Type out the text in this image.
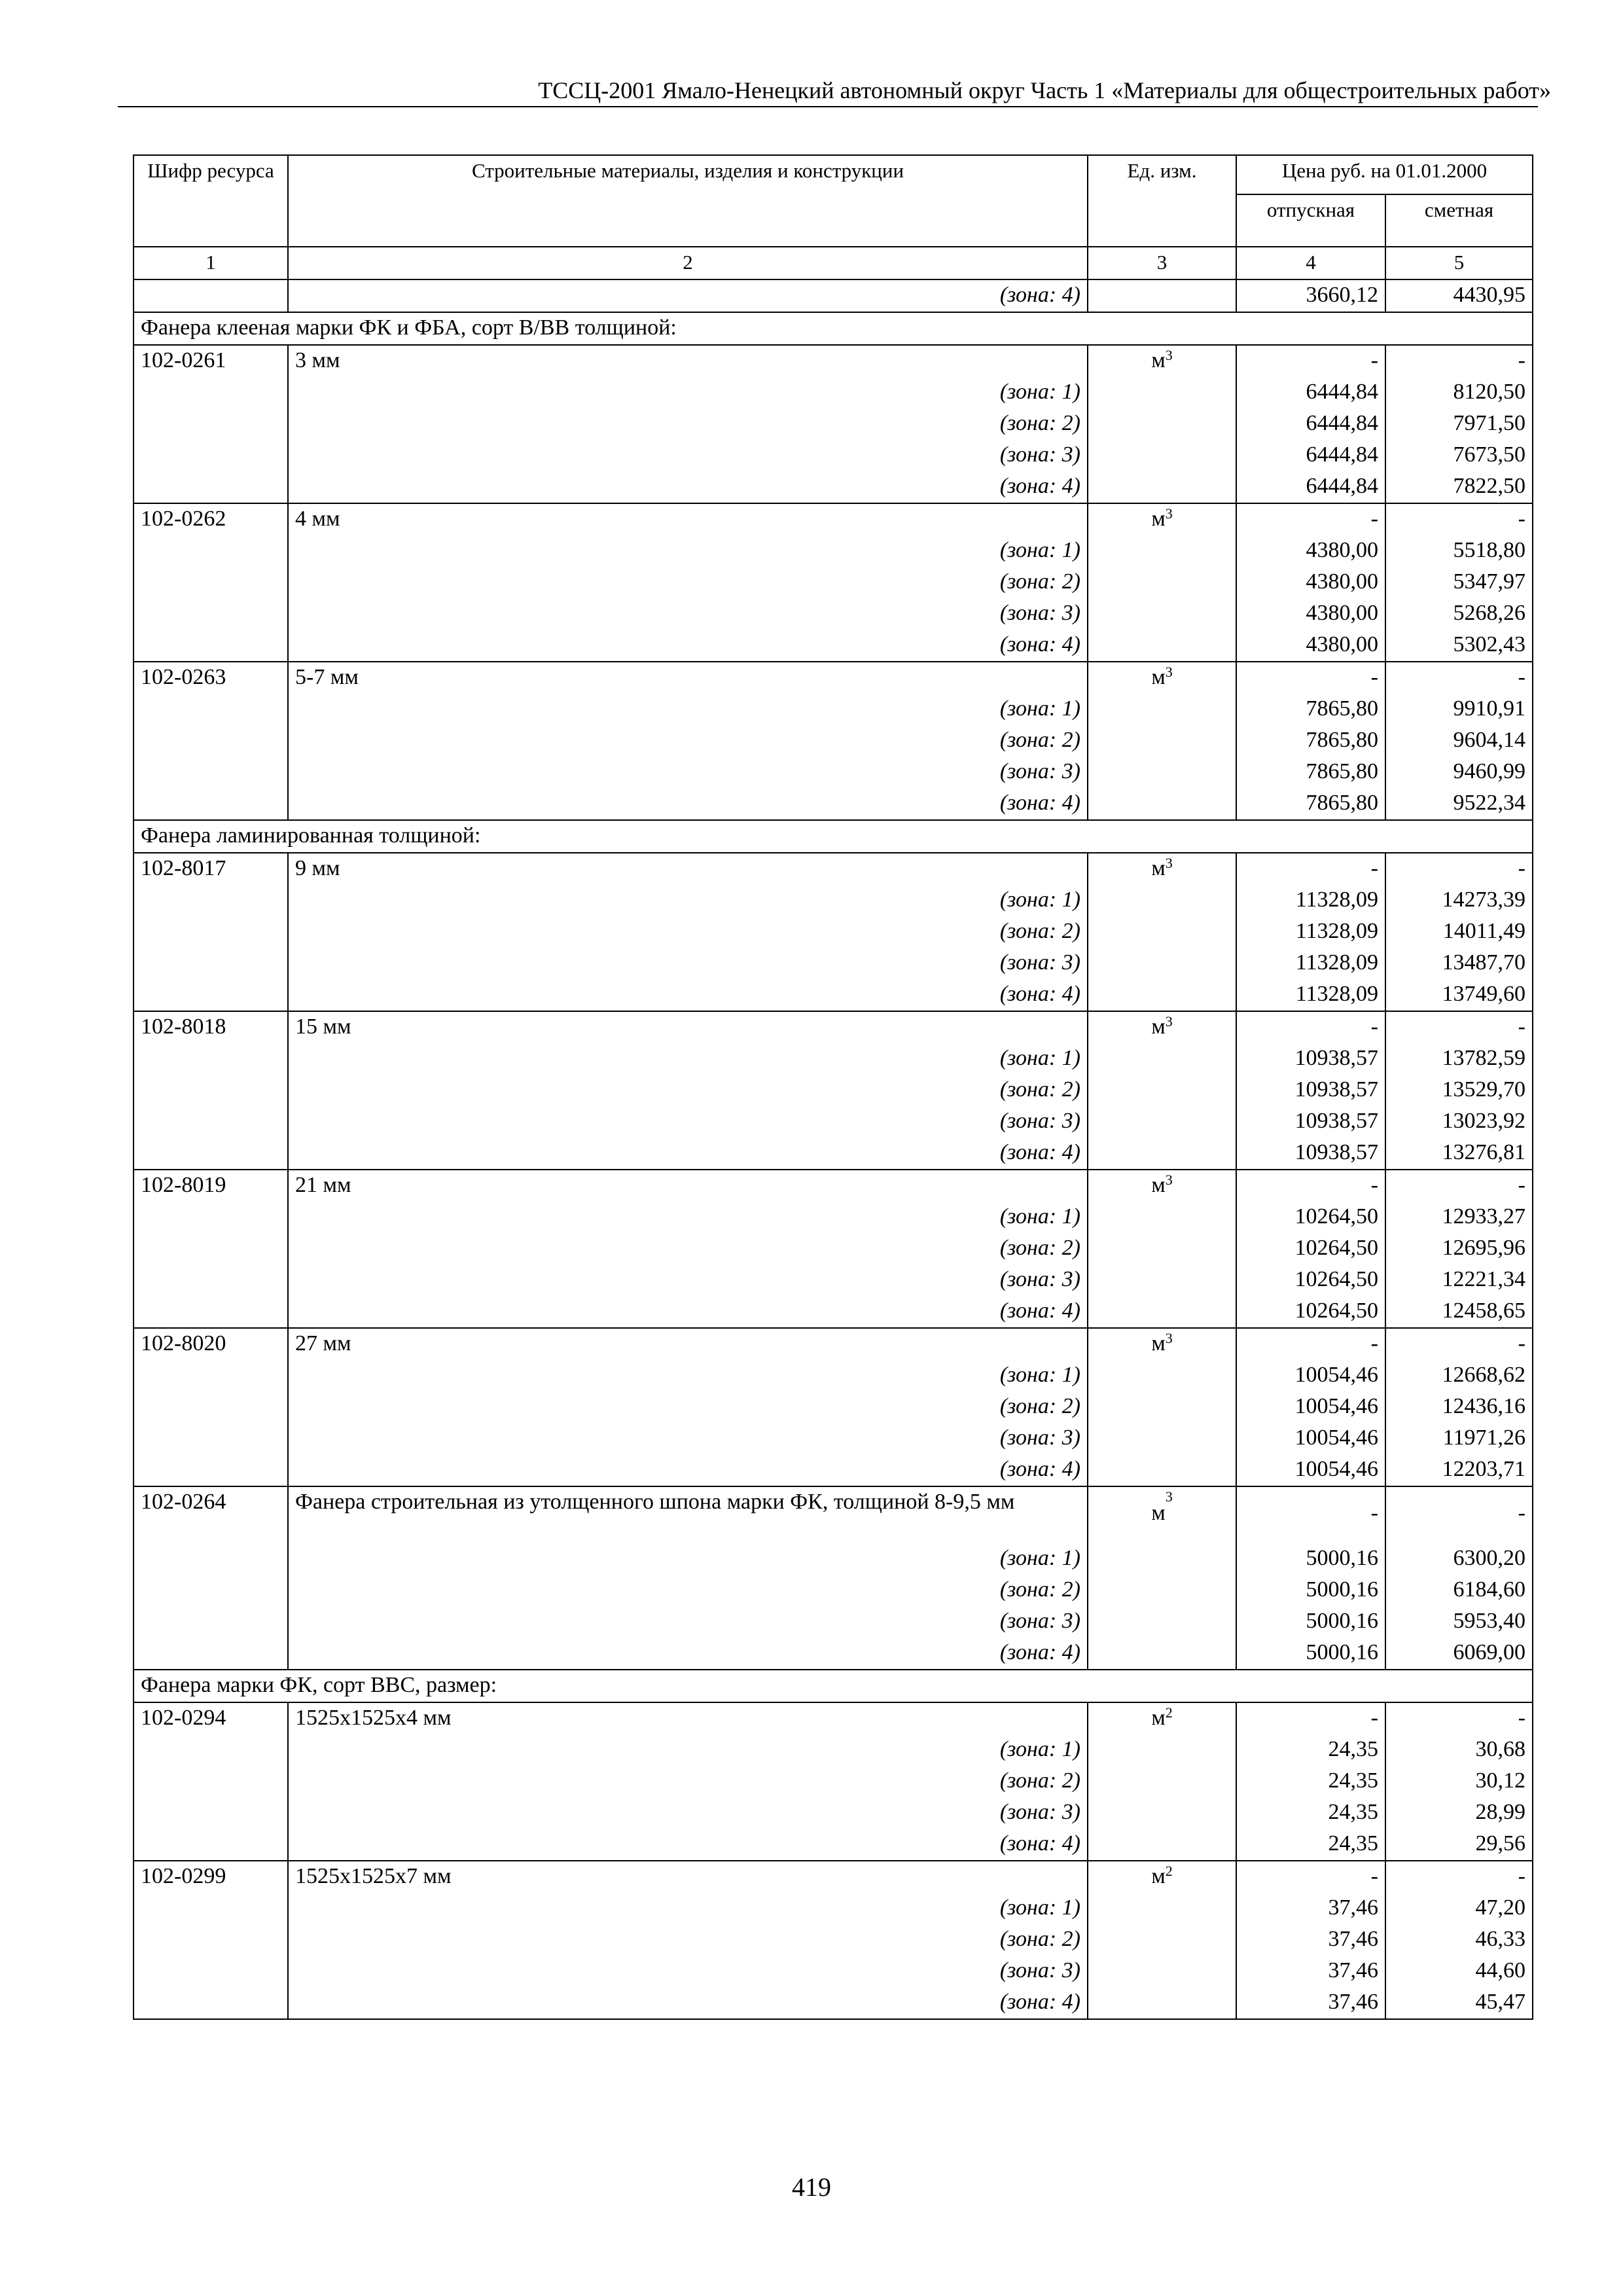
ТССЦ-2001 Ямало-Ненецкий автономный округ Часть 1 «Материалы для общестроительных работ»
Шифр ресурса	Строительные материалы, изделия и конструкции	Ед. изм.	Цена руб. на 01.01.2000	
			отпускная	сметная
1	2	3	4	5
	(зона: 4)		3660,12	4430,95
Фанера клееная марки ФК и ФБА, сорт В/ВВ толщиной:				
102-0261	3 мм	$м^3$	-	-
	(зона: 1)		6444,84	8120,50
	(зона: 2)		6444,84	7971,50
	(зона: 3)		6444,84	7673,50
	(зона: 4)		6444,84	7822,50
102-0262	4 мм	$м^3$	-	-
	(зона: 1)		4380,00	5518,80
	(зона: 2)		4380,00	5347,97
	(зона: 3)		4380,00	5268,26
	(зона: 4)		4380,00	5302,43
102-0263	5-7 мм	$м^3$	-	-
	(зона: 1)		7865,80	9910,91
	(зона: 2)		7865,80	9604,14
	(зона: 3)		7865,80	9460,99
	(зона: 4)		7865,80	9522,34
Фанера ламинированная толщиной:				
102-8017	9 мм	$м^3$	-	-
	(зона: 1)		11328,09	14273,39
	(зона: 2)		11328,09	14011,49
	(зона: 3)		11328,09	13487,70
	(зона: 4)		11328,09	13749,60
102-8018	15 мм	$м^3$	-	-
	(зона: 1)		10938,57	13782,59
	(зона: 2)		10938,57	13529,70
	(зона: 3)		10938,57	13023,92
	(зона: 4)		10938,57	13276,81
102-8019	21 мм	$м^3$	-	-
	(зона: 1)		10264,50	12933,27
	(зона: 2)		10264,50	12695,96
	(зона: 3)		10264,50	12221,34
	(зона: 4)		10264,50	12458,65
102-8020	27 мм	$м^3$	-	-
	(зона: 1)		10054,46	12668,62
	(зона: 2)		10054,46	12436,16
	(зона: 3)		10054,46	11971,26
	(зона: 4)		10054,46	12203,71
102-0264	Фанера строительная из утолщенного шпона марки ФК, толщиной 8-9,5 мм	$м^3$	-	-
	(зона: 1)		5000,16	6300,20
	(зона: 2)		5000,16	6184,60
	(зона: 3)		5000,16	5953,40
	(зона: 4)		5000,16	6069,00
Фанера марки ФК, сорт ВВС, размер:				
102-0294	1525x1525x4 мм	$м^2$	-	-
	(зона: 1)		24,35	30,68
	(зона: 2)		24,35	30,12
	(зона: 3)		24,35	28,99
	(зона: 4)		24,35	29,56
102-0299	1525x1525x7 мм	$м^2$	-	-
	(зона: 1)		37,46	47,20
	(зона: 2)		37,46	46,33
	(зона: 3)		37,46	44,60
	(зона: 4)		37,46	45,47
419
